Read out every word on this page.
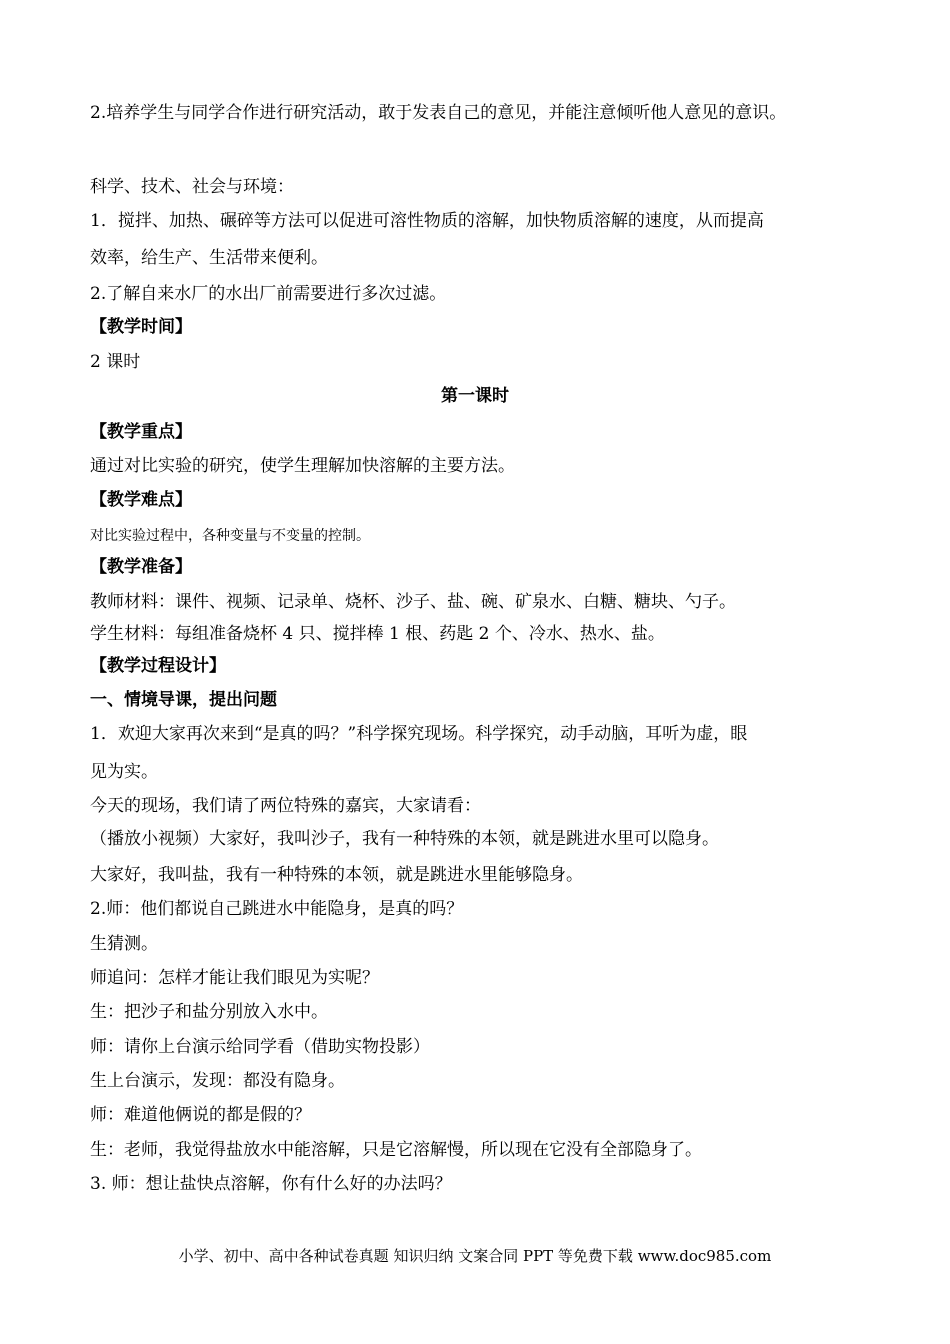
2.培养学生与同学合作进行研究活动，敢于发表自己的意见，并能注意倾听他人意见的意识。
科学、技术、社会与环境：
1．搅拌、加热、碾碎等方法可以促进可溶性物质的溶解，加快物质溶解的速度，从而提高
效率，给生产、生活带来便利。
2.了解自来水厂的水出厂前需要进行多次过滤。
【教学时间】
2 课时
第一课时
【教学重点】
通过对比实验的研究，使学生理解加快溶解的主要方法。
【教学难点】
对比实验过程中，各种变量与不变量的控制。
【教学准备】
教师材料：课件、视频、记录单、烧杯、沙子、盐、碗、矿泉水、白糖、糖块、勺子。
学生材料：每组准备烧杯 4 只、搅拌棒 1 根、药匙 2 个、冷水、热水、盐。
【教学过程设计】
一、情境导课，提出问题
1．欢迎大家再次来到“是真的吗？”科学探究现场。科学探究，动手动脑，耳听为虚，眼
见为实。
今天的现场，我们请了两位特殊的嘉宾，大家请看：
（播放小视频）大家好，我叫沙子，我有一种特殊的本领，就是跳进水里可以隐身。
大家好，我叫盐，我有一种特殊的本领，就是跳进水里能够隐身。
2.师：他们都说自己跳进水中能隐身，是真的吗？
生猜测。
师追问：怎样才能让我们眼见为实呢？
生：把沙子和盐分别放入水中。
师：请你上台演示给同学看（借助实物投影）
生上台演示，发现：都没有隐身。
师：难道他俩说的都是假的？
生：老师，我觉得盐放水中能溶解，只是它溶解慢，所以现在它没有全部隐身了。
3. 师：想让盐快点溶解，你有什么好的办法吗？
小学、初中、高中各种试卷真题 知识归纳 文案合同 PPT 等免费下载 www.doc985.com
